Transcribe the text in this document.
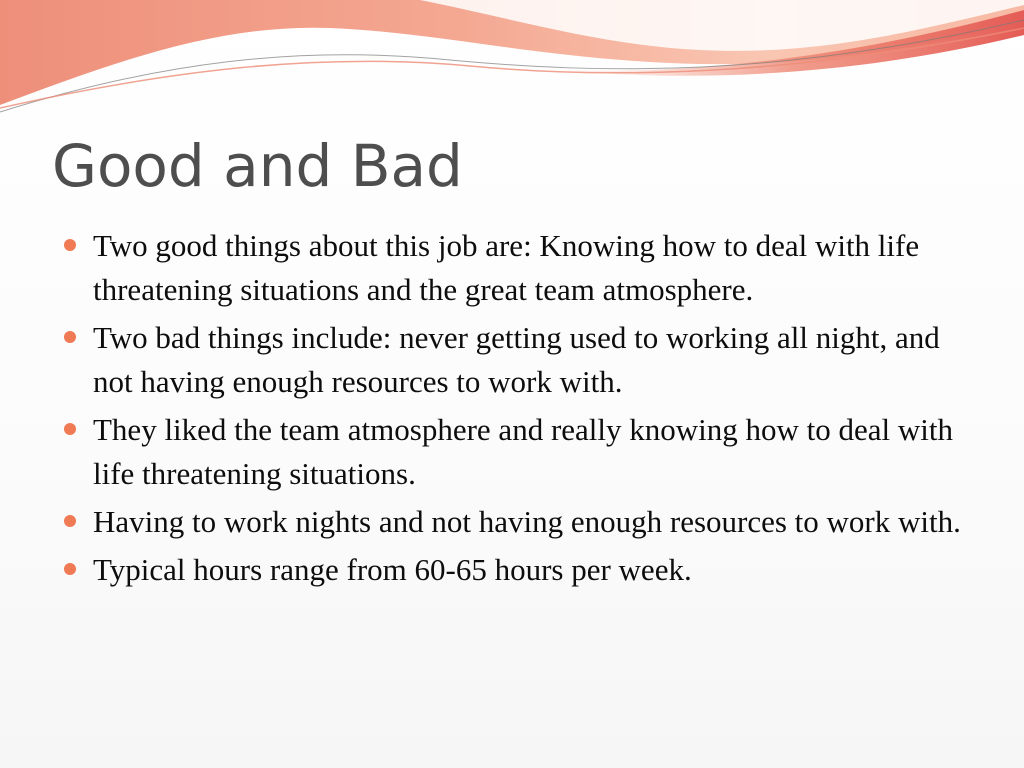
Good and Bad
Two good things about this job are: Knowing how to deal with life threatening situations and the great team atmosphere.
Two bad things include: never getting used to working all night, and not having enough resources to work with.
They liked the team atmosphere and really knowing how to deal with life threatening situations.
Having to work nights and not having enough resources to work with.
Typical hours range from 60-65 hours per week.
